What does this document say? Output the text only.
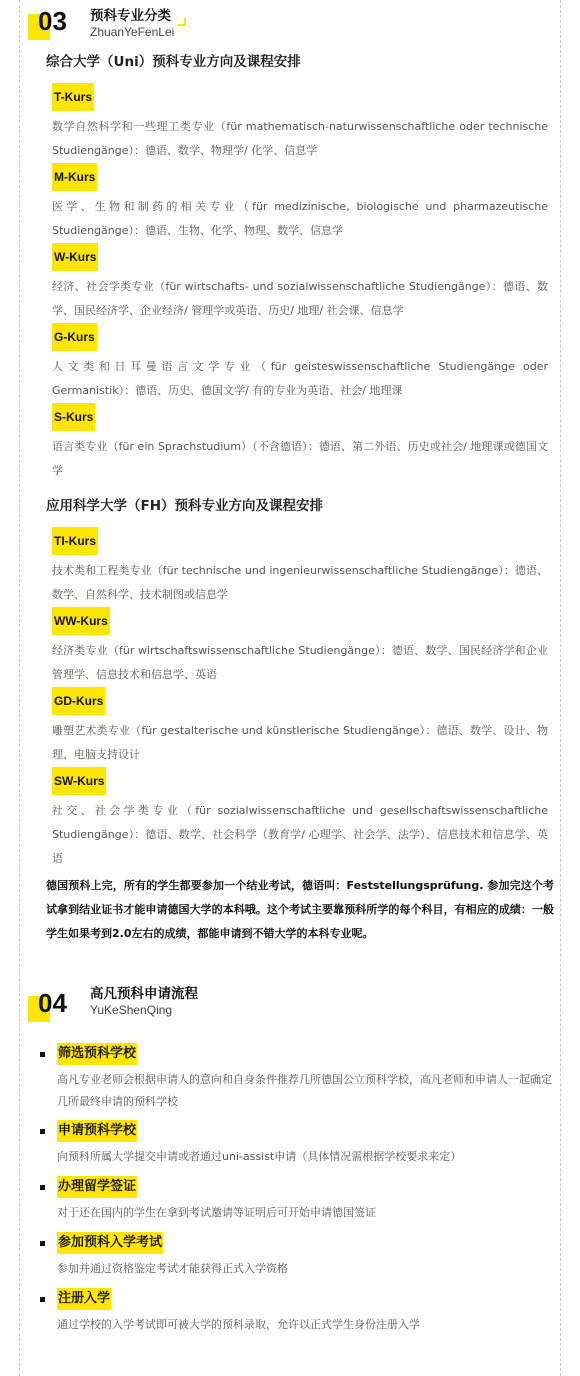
03 预科专业分类
ZhuanYeFenLei
综合大学（Uni）预科专业方向及课程安排
T-Kurs
数学自然科学和一些理工类专业（für mathematisch-naturwissenschaftliche oder technische Studiengänge）：德语、数学、物理学/ 化学、信息学
M-Kurs
医学、生物和制药的相关专业（für medizinische, biologische und pharmazeutische Studiengänge）：德语、生物、化学、物理、数学、信息学
W-Kurs
经济、社会学类专业（für wirtschafts- und sozialwissenschaftliche Studiengänge）：德语、数学、国民经济学、企业经济/ 管理学或英语、历史/ 地理/ 社会课、信息学
G-Kurs
人文类和日耳曼语言文学专业（für geisteswissenschaftliche Studiengänge oder Germanistik）：德语、历史、德国文学/ 有的专业为英语、社会/ 地理课
S-Kurs
语言类专业（für ein Sprachstudium）（不含德语）：德语、第二外语、历史或社会/ 地理课或德国文学
应用科学大学（FH）预科专业方向及课程安排
TI-Kurs
技术类和工程类专业（für technische und ingenieurwissenschaftliche Studiengänge）：德语、数学、自然科学、技术制图或信息学
WW-Kurs
经济类专业（für wirtschaftswissenschaftliche Studiengänge）：德语、数学、国民经济学和企业管理学、信息技术和信息学、英语
GD-Kurs
雕塑艺术类专业（für gestalterische und künstlerische Studiengänge）：德语、数学、设计、物理、电脑支持设计
SW-Kurs
社交、社会学类专业（für sozialwissenschaftliche und gesellschaftswissenschaftliche Studiengänge）：德语、数学、社会科学（教育学/ 心理学、社会学、法学）、信息技术和信息学、英语
德国预科上完，所有的学生都要参加一个结业考试，德语叫：Feststellungsprüfung. 参加完这个考试拿到结业证书才能申请德国大学的本科哦。这个考试主要靠预科所学的每个科目，有相应的成绩：一般学生如果考到2.0左右的成绩，都能申请到不错大学的本科专业呢。
04 高凡预科申请流程
YuKeShenQing
筛选预科学校
高凡专业老师会根据申请人的意向和自身条件推荐几所德国公立预科学校，高凡老师和申请人一起确定几所最终申请的预科学校
申请预科学校
向预科所属大学提交申请或者通过uni-assist申请（具体情况需根据学校要求来定）
办理留学签证
对于还在国内的学生在拿到考试邀请等证明后可开始申请德国签证
参加预科入学考试
参加并通过资格鉴定考试才能获得正式入学资格
注册入学
通过学校的入学考试即可被大学的预科录取，允许以正式学生身份注册入学
